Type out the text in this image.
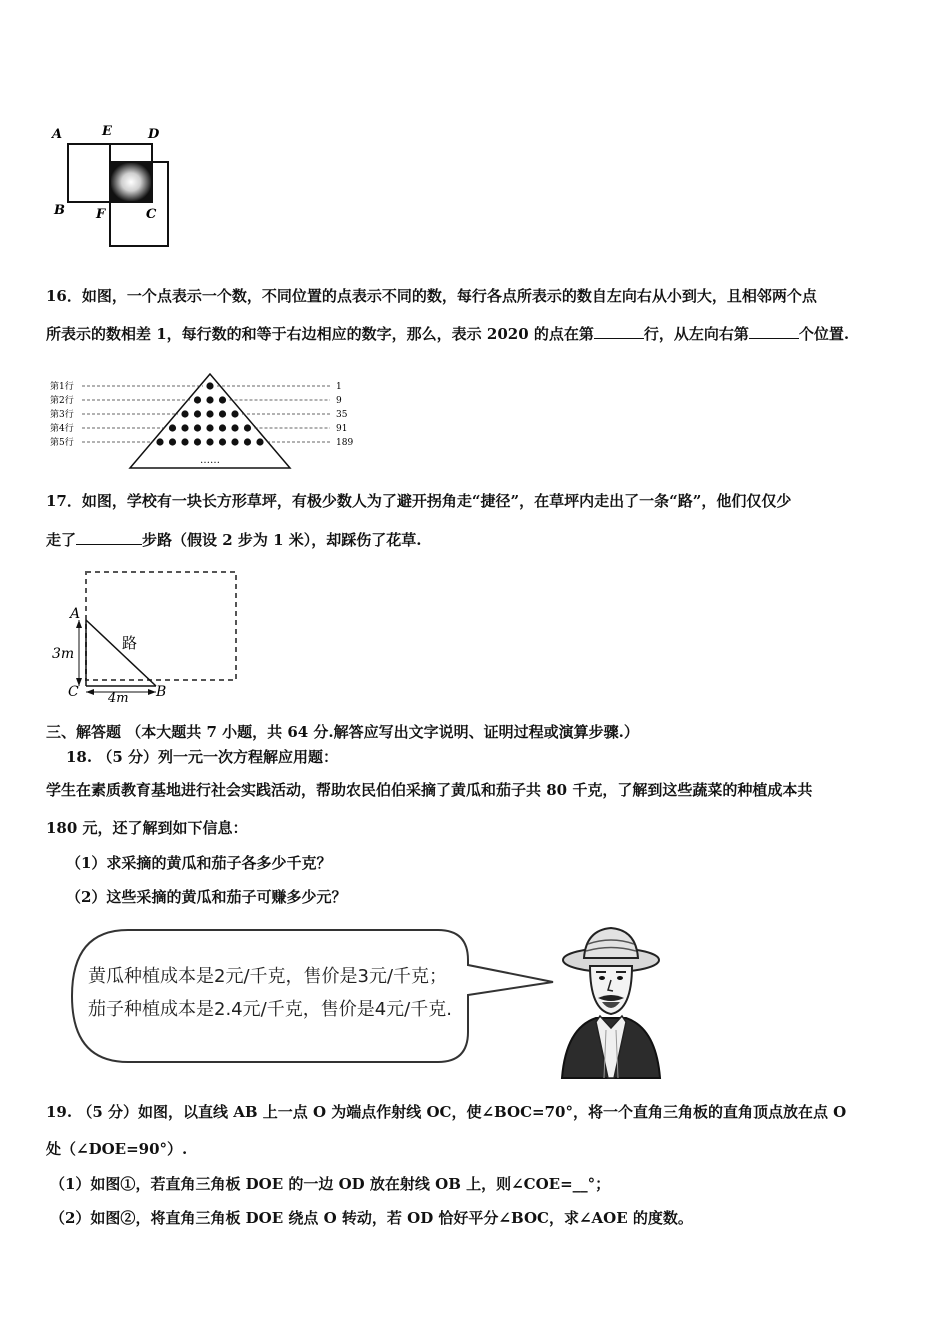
A	E	D
B F	C
16．如图，一个点表示一个数，不同位置的点表示不同的数，每行各点所表示的数自左向右从小到大，且相邻两个点
所表示的数相差 1，每行数的和等于右边相应的数字，那么，表示 2020 的点在第	行，从左向右第	个位置.
第1行	1
第2行	9
第3行	35
第4行	91
第5行	189
……
17．如图，学校有一块长方形草坪，有极少数人为了避开拐角走“捷径”，在草坪内走出了一条“路”，他们仅仅少
走了	步路（假设 2 步为 1 米），却踩伤了花草.
A
C	B
路
3m
4m
三、解答题 （本大题共 7 小题，共 64 分.解答应写出文字说明、证明过程或演算步骤.）
18. （5 分）列一元一次方程解应用题：
学生在素质教育基地进行社会实践活动，帮助农民伯伯采摘了黄瓜和茄子共 80 千克，了解到这些蔬菜的种植成本共
180 元，还了解到如下信息：
（1）求采摘的黄瓜和茄子各多少千克？
（2）这些采摘的黄瓜和茄子可赚多少元？
黄瓜种植成本是2元/千克，售价是3元/千克；
茄子种植成本是2.4元/千克，售价是4元/千克.
19. （5 分）如图，以直线 AB 上一点 O 为端点作射线 OC，使∠BOC=70°，将一个直角三角板的直角顶点放在点 O
处（∠DOE=90°）.
（1）如图①，若直角三角板 DOE 的一边 OD 放在射线 OB 上，则∠COE=__°；
（2）如图②，将直角三角板 DOE 绕点 O 转动，若 OD 恰好平分∠BOC，求∠AOE 的度数。
